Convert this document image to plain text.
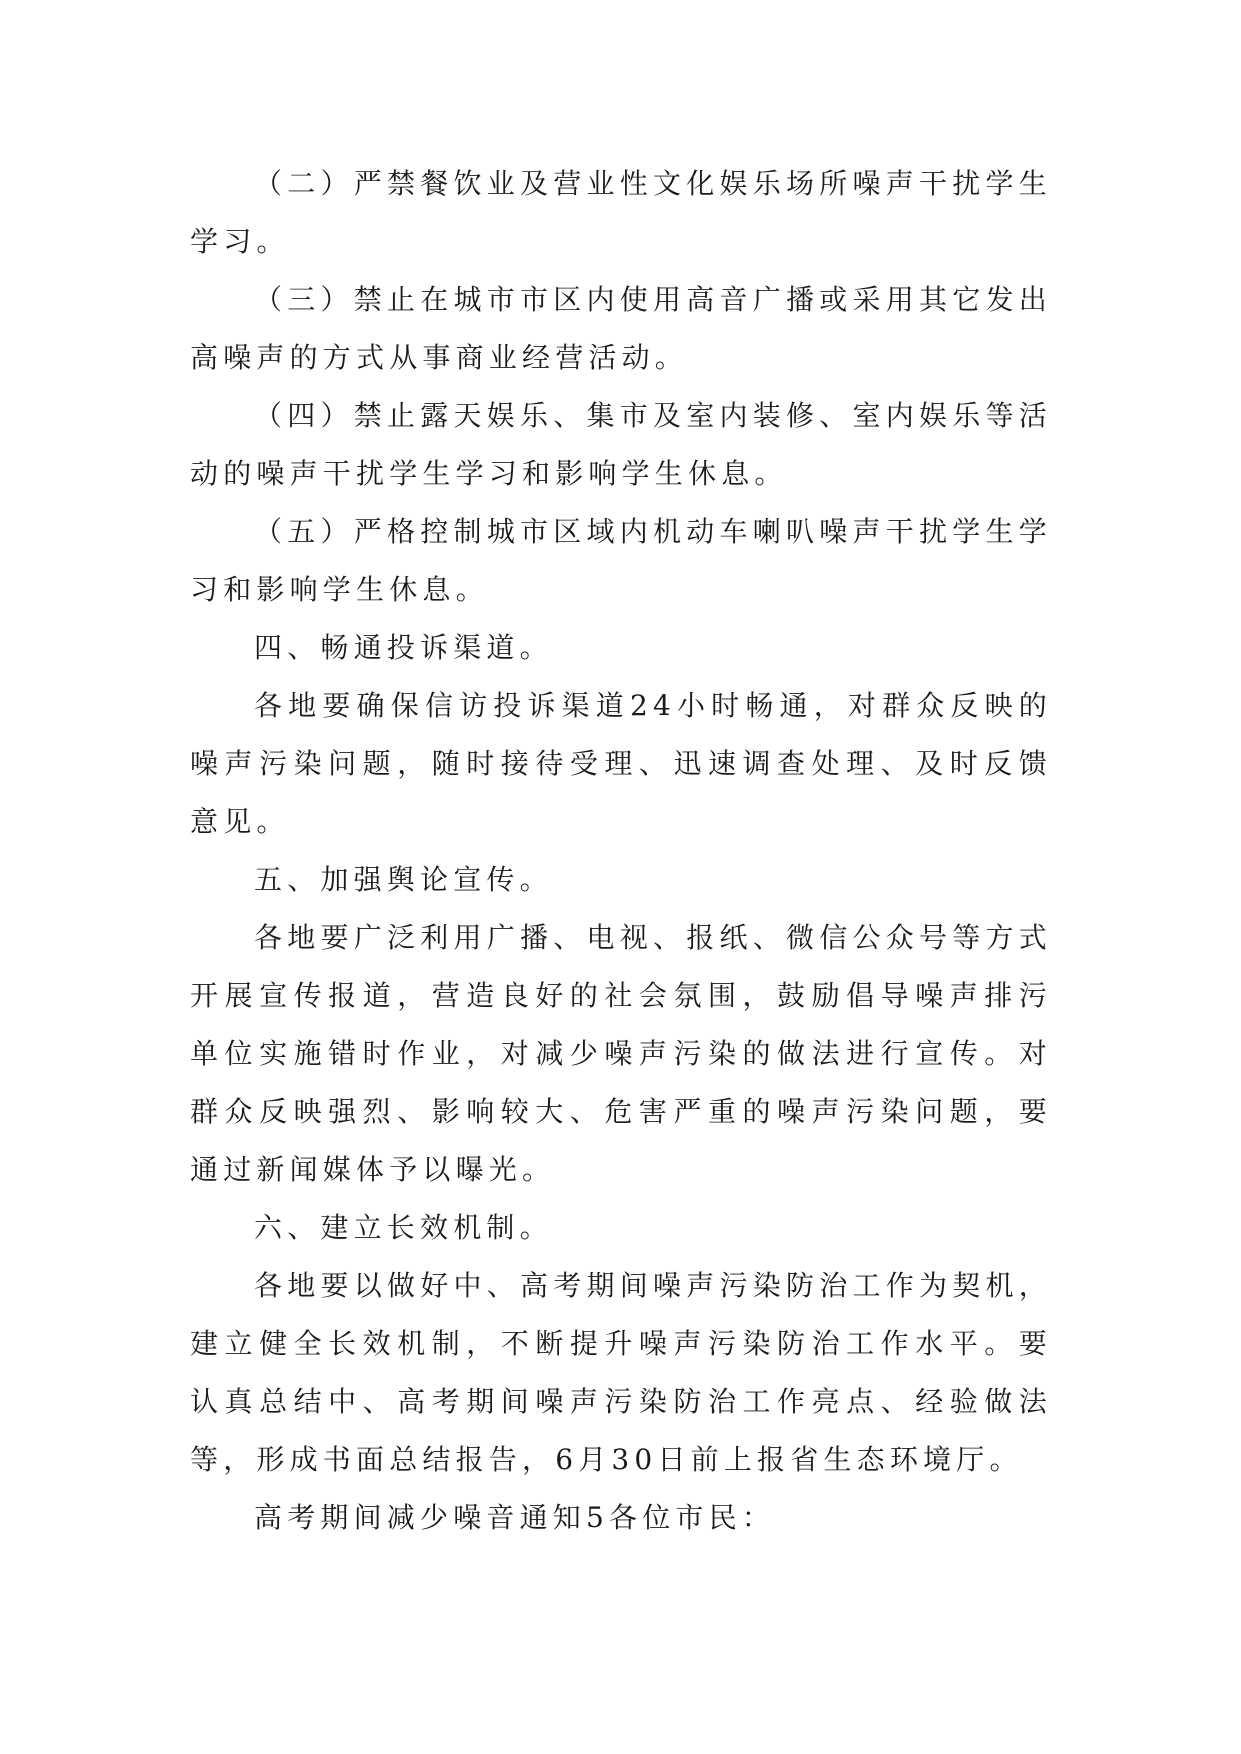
（二）严禁餐饮业及营业性文化娱乐场所噪声干扰学生学习。

（三）禁止在城市市区内使用高音广播或采用其它发出高噪声的方式从事商业经营活动。

（四）禁止露天娱乐、集市及室内装修、室内娱乐等活动的噪声干扰学生学习和影响学生休息。

（五）严格控制城市区域内机动车喇叭噪声干扰学生学习和影响学生休息。

四、畅通投诉渠道。

各地要确保信访投诉渠道24小时畅通，对群众反映的噪声污染问题，随时接待受理、迅速调查处理、及时反馈意见。

五、加强舆论宣传。

各地要广泛利用广播、电视、报纸、微信公众号等方式开展宣传报道，营造良好的社会氛围，鼓励倡导噪声排污单位实施错时作业，对减少噪声污染的做法进行宣传。对群众反映强烈、影响较大、危害严重的噪声污染问题，要通过新闻媒体予以曝光。

六、建立长效机制。

各地要以做好中、高考期间噪声污染防治工作为契机，建立健全长效机制，不断提升噪声污染防治工作水平。要认真总结中、高考期间噪声污染防治工作亮点、经验做法等，形成书面总结报告，6月30日前上报省生态环境厅。

高考期间减少噪音通知5各位市民：
